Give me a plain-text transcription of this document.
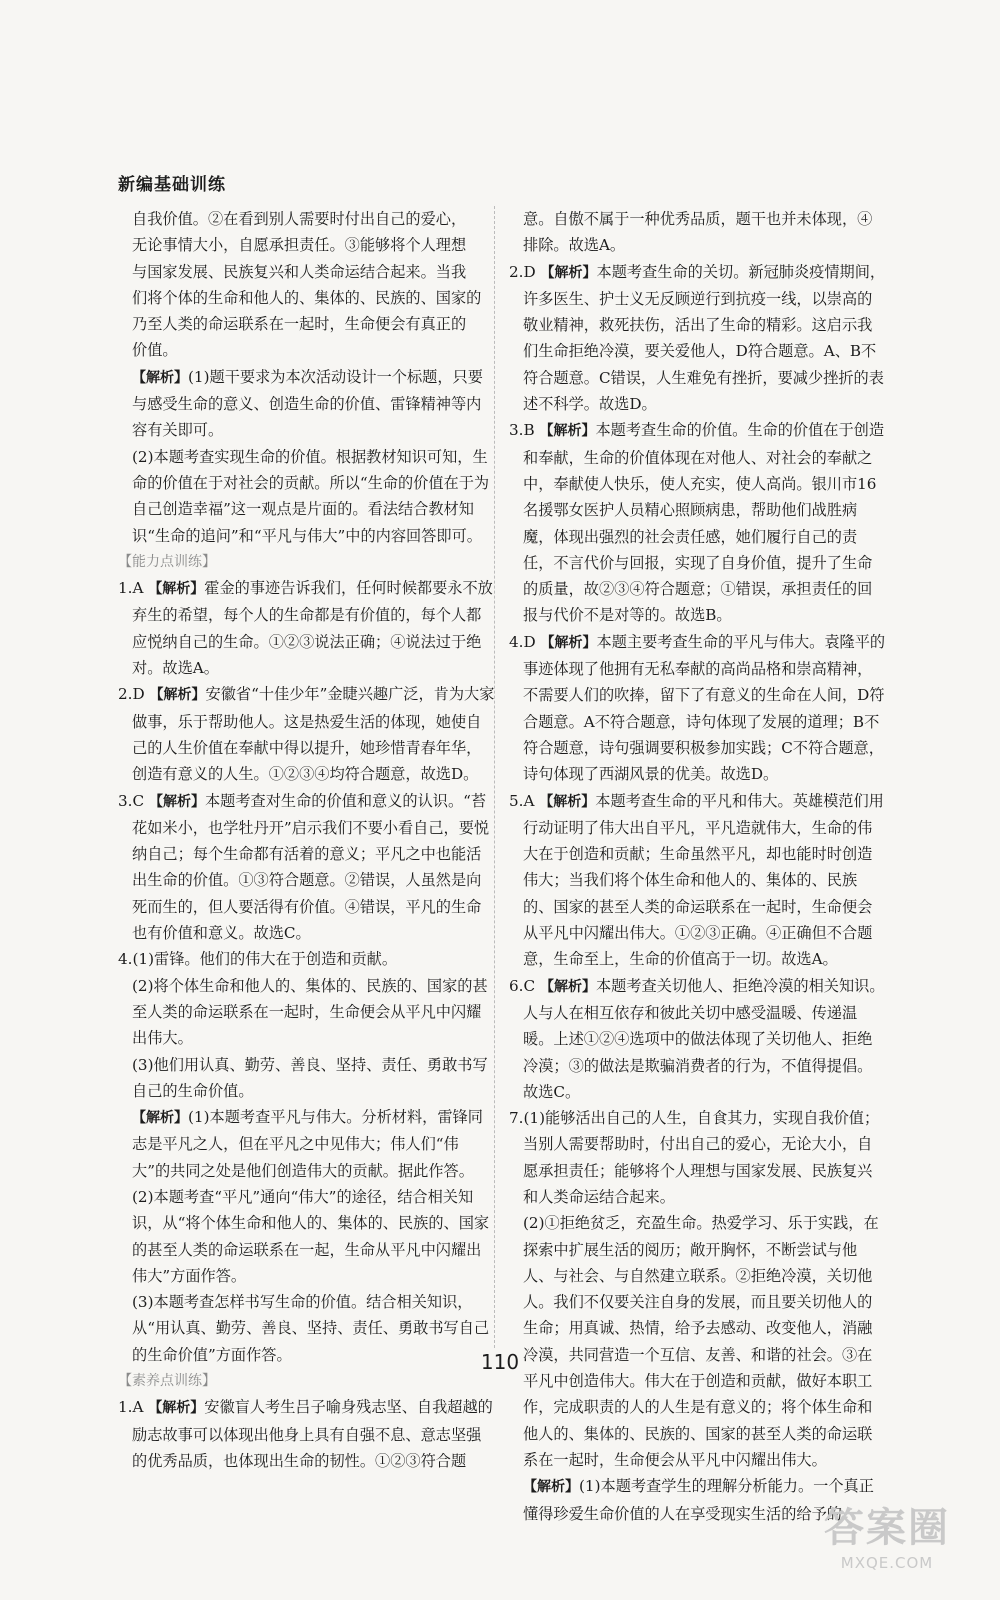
新编基础训练

自我价值。②在看到别人需要时付出自己的爱心，

无论事情大小，自愿承担责任。③能够将个人理想

与国家发展、民族复兴和人类命运结合起来。当我

们将个体的生命和他人的、集体的、民族的、国家的

乃至人类的命运联系在一起时，生命便会有真正的

价值。

【解析】(1)题干要求为本次活动设计一个标题，只要与感受生命的意义、创造生命的价值、雷锋精神等内容有关即可。

(2)本题考查实现生命的价值。根据教材知识可知，生命的价值在于对社会的贡献。所以“生命的价值在于为自己创造幸福”这一观点是片面的。看法结合教材知识“生命的追问”和“平凡与伟大”中的内容回答即可。

【能力点训练】

1.A 【解析】霍金的事迹告诉我们，任何时候都要永不放弃生的希望，每个人的生命都是有价值的，每个人都应悦纳自己的生命。①②③说法正确；④说法过于绝对。故选A。

2.D 【解析】安徽省“十佳少年”金睫兴趣广泛，肯为大家做事，乐于帮助他人。这是热爱生活的体现，她使自己的人生价值在奉献中得以提升，她珍惜青春年华，创造有意义的人生。①②③④均符合题意，故选D。

3.C 【解析】本题考查对生命的价值和意义的认识。“苔花如米小，也学牡丹开”启示我们不要小看自己，要悦纳自己；每个生命都有活着的意义；平凡之中也能活出生命的价值。①③符合题意。②错误，人虽然是向死而生的，但人要活得有价值。④错误，平凡的生命也有价值和意义。故选C。

4.(1)雷锋。他们的伟大在于创造和贡献。

(2)将个体生命和他人的、集体的、民族的、国家的甚至人类的命运联系在一起时，生命便会从平凡中闪耀出伟大。

(3)他们用认真、勤劳、善良、坚持、责任、勇敢书写自己的生命价值。

【解析】(1)本题考查平凡与伟大。分析材料，雷锋同志是平凡之人，但在平凡之中见伟大；伟人们“伟大”的共同之处是他们创造伟大的贡献。据此作答。

(2)本题考查“平凡”通向“伟大”的途径，结合相关知识，从“将个体生命和他人的、集体的、民族的、国家的甚至人类的命运联系在一起，生命从平凡中闪耀出伟大”方面作答。

(3)本题考查怎样书写生命的价值。结合相关知识，从“用认真、勤劳、善良、坚持、责任、勇敢书写自己的生命价值”方面作答。

【素养点训练】

1.A 【解析】安徽盲人考生吕子喻身残志坚、自我超越的励志故事可以体现出他身上具有自强不息、意志坚强的优秀品质，也体现出生命的韧性。①②③符合题

意。自傲不属于一种优秀品质，题干也并未体现，④排除。故选A。

2.D 【解析】本题考查生命的关切。新冠肺炎疫情期间，许多医生、护士义无反顾逆行到抗疫一线，以崇高的敬业精神，救死扶伤，活出了生命的精彩。这启示我们生命拒绝冷漠，要关爱他人，D符合题意。A、B不符合题意。C错误，人生难免有挫折，要减少挫折的表述不科学。故选D。

3.B 【解析】本题考查生命的价值。生命的价值在于创造和奉献，生命的价值体现在对他人、对社会的奉献之中，奉献使人快乐，使人充实，使人高尚。银川市16名援鄂女医护人员精心照顾病患，帮助他们战胜病魔，体现出强烈的社会责任感，她们履行自己的责任，不言代价与回报，实现了自身价值，提升了生命的质量，故②③④符合题意；①错误，承担责任的回报与代价不是对等的。故选B。

4.D 【解析】本题主要考查生命的平凡与伟大。袁隆平的事迹体现了他拥有无私奉献的高尚品格和崇高精神，不需要人们的吹捧，留下了有意义的生命在人间，D符合题意。A不符合题意，诗句体现了发展的道理；B不符合题意，诗句强调要积极参加实践；C不符合题意，诗句体现了西湖风景的优美。故选D。

5.A 【解析】本题考查生命的平凡和伟大。英雄模范们用行动证明了伟大出自平凡，平凡造就伟大，生命的伟大在于创造和贡献；生命虽然平凡，却也能时时创造伟大；当我们将个体生命和他人的、集体的、民族的、国家的甚至人类的命运联系在一起时，生命便会从平凡中闪耀出伟大。①②③正确。④正确但不合题意，生命至上，生命的价值高于一切。故选A。

6.C 【解析】本题考查关切他人、拒绝冷漠的相关知识。人与人在相互依存和彼此关切中感受温暖、传递温暖。上述①②④选项中的做法体现了关切他人、拒绝冷漠；③的做法是欺骗消费者的行为，不值得提倡。故选C。

7.(1)能够活出自己的人生，自食其力，实现自我价值；当别人需要帮助时，付出自己的爱心，无论大小，自愿承担责任；能够将个人理想与国家发展、民族复兴和人类命运结合起来。

(2)①拒绝贫乏，充盈生命。热爱学习、乐于实践，在探索中扩展生活的阅历；敞开胸怀，不断尝试与他人、与社会、与自然建立联系。②拒绝冷漠，关切他人。我们不仅要关注自身的发展，而且要关切他人的生命；用真诚、热情，给予去感动、改变他人，消融冷漠，共同营造一个互信、友善、和谐的社会。③在平凡中创造伟大。伟大在于创造和贡献，做好本职工作，完成职责的人的人生是有意义的；将个体生命和他人的、集体的、民族的、国家的甚至人类的命运联系在一起时，生命便会从平凡中闪耀出伟大。

【解析】(1)本题考查学生的理解分析能力。一个真正懂得珍爱生命价值的人在享受现实生活的给予的

110
答案圈
MXQE.COM
